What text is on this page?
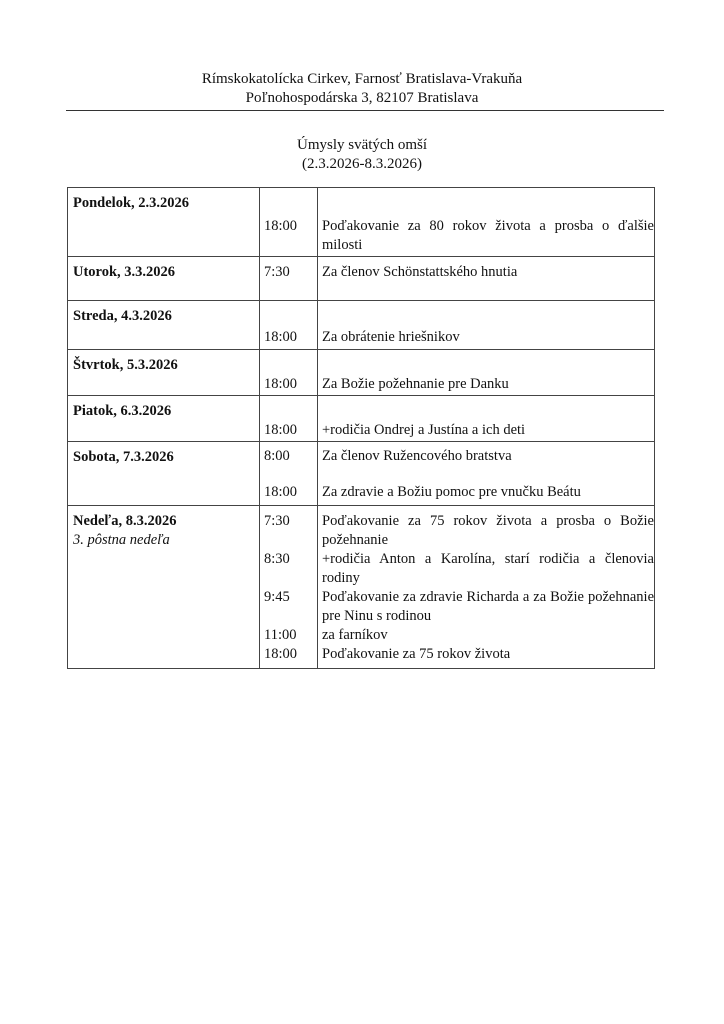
Rímskokatolícka Cirkev, Farnosť Bratislava-Vrakuňa
Poľnohospodárska 3, 82107 Bratislava
Úmysly svätých omší
(2.3.2026-8.3.2026)
Pondelok, 2.3.2026
18:00 Poďakovanie za 80 rokov života a prosba o ďalšie milosti
Utorok, 3.3.2026	7:30 Za členov Schönstattského hnutia
Streda, 4.3.2026
18:00 Za obrátenie hriešnikov
Štvrtok, 5.3.2026
18:00 Za Božie požehnanie pre Danku
Piatok, 6.3.2026
18:00 +rodičia Ondrej a Justína a ich deti
Sobota, 7.3.2026	8:00 Za členov Ružencového bratstva
18:00 Za zdravie a Božiu pomoc pre vnučku Beátu
Nedeľa, 8.3.2026
3. pôstna nedeľa
7:30 Poďakovanie za 75 rokov života a prosba o Božie požehnanie
8:30 +rodičia Anton a Karolína, starí rodičia a členovia rodiny
9:45 Poďakovanie za zdravie Richarda a za Božie požehnanie pre Ninu s rodinou
11:00 za farníkov
18:00 Poďakovanie za 75 rokov života
